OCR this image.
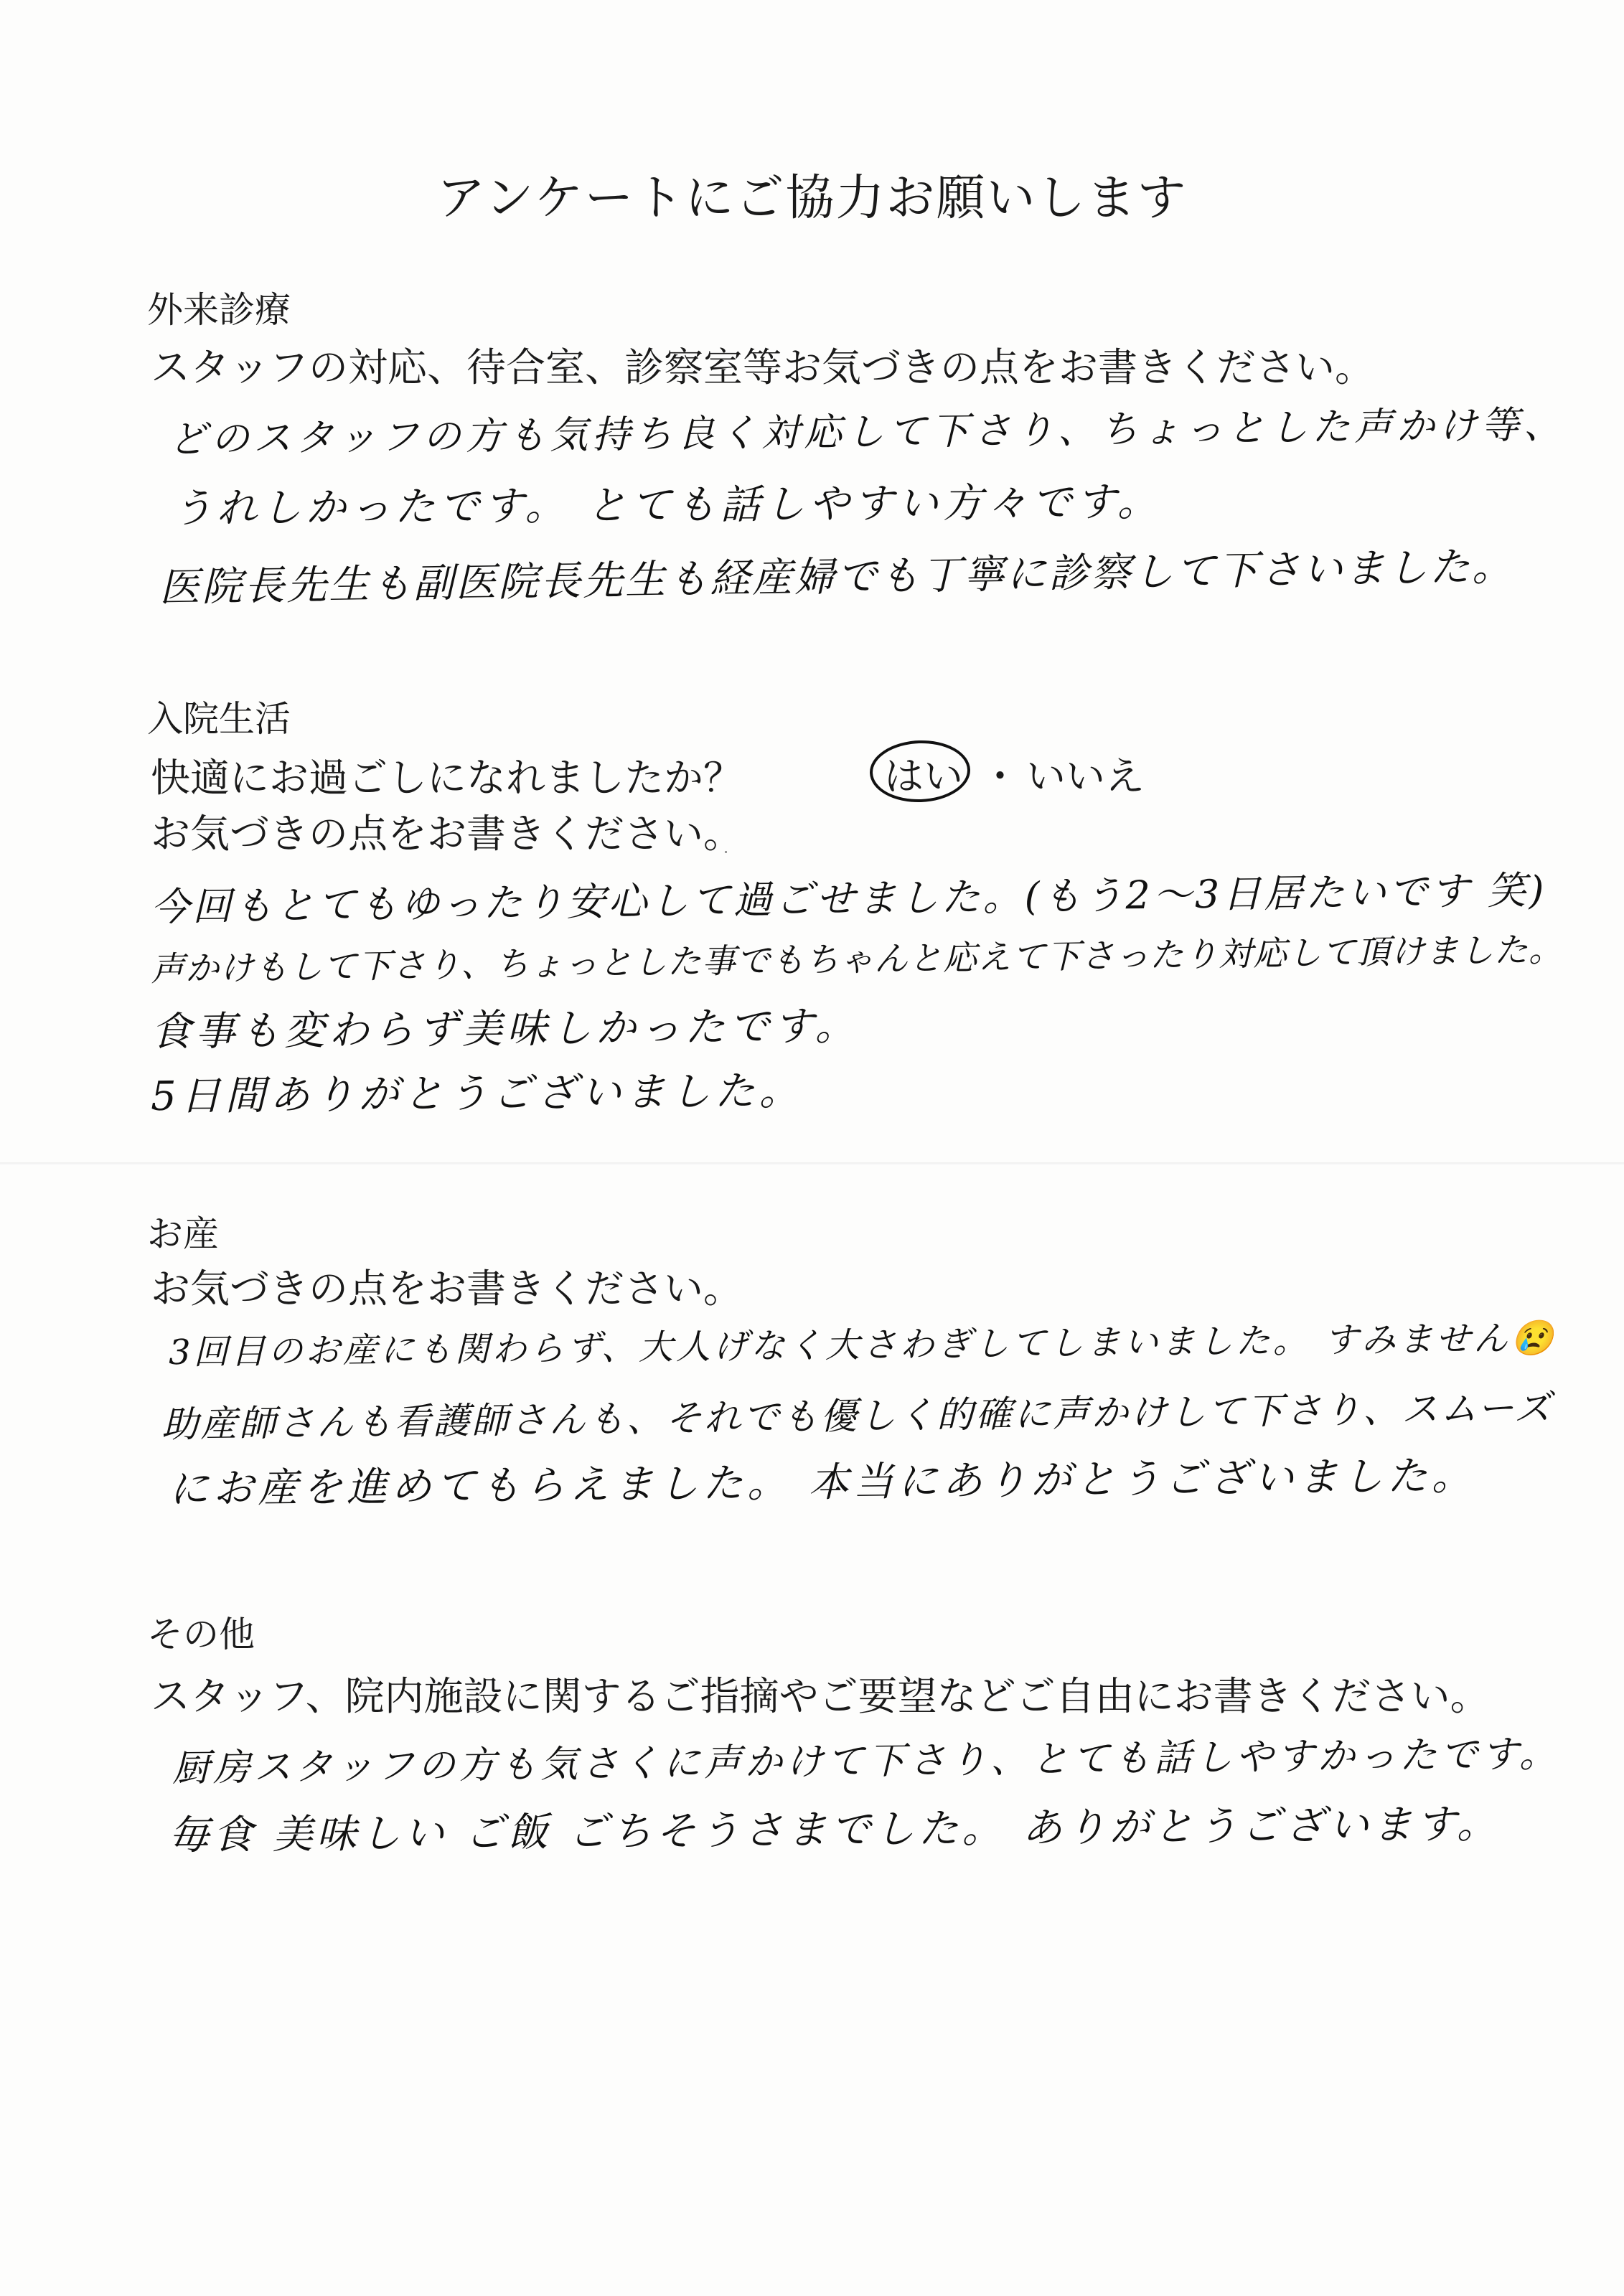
アンケートにご協力お願いします
外来診療
スタッフの対応、待合室、診察室等お気づきの点をお書きください。
どのスタッフの方も気持ち良く対応して下さり、ちょっとした声かけ等、
うれしかったです。 とても話しやすい方々です。
医院長先生も副医院長先生も経産婦でも丁寧に診察して下さいました。
入院生活
快適にお過ごしになれましたか？	はい ・ いいえ
お気づきの点をお書きください。
今回もとてもゆったり安心して過ごせました。(もう2〜3日居たいです 笑)
声かけもして下さり、ちょっとした事でもちゃんと応えて下さったり対応して頂けました。
食事も変わらず美味しかったです。
5日間ありがとうございました。
お産
お気づきの点をお書きください。
3回目のお産にも関わらず、大人げなく大さわぎしてしまいました。 すみません😢
助産師さんも看護師さんも、それでも優しく的確に声かけして下さり、スムーズ
にお産を進めてもらえました。 本当にありがとうございました。
その他
スタッフ、院内施設に関するご指摘やご要望などご自由にお書きください。
厨房スタッフの方も気さくに声かけて下さり、とても話しやすかったです。
毎食 美味しい ご飯 ごちそうさまでした。 ありがとうございます。
